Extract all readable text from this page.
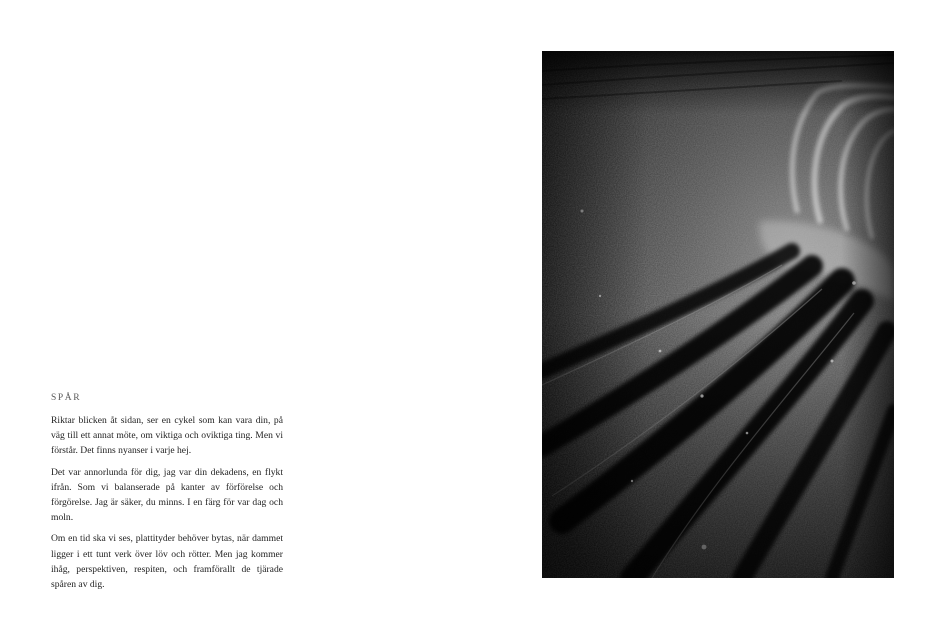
SPÅR

Riktar blicken åt sidan, ser en cykel som kan vara din, på väg till ett annat möte, om viktiga och oviktiga ting. Men vi förstår. Det finns nyanser i varje hej.

Det var annorlunda för dig, jag var din dekadens, en flykt ifrån. Som vi balanserade på kanter av förförelse och förgörelse. Jag är säker, du minns. I en färg för var dag och moln.

Om en tid ska vi ses, plattityder behöver bytas, när dammet ligger i ett tunt verk över löv och rötter. Men jag kommer ihåg, perspektiven, respiten, och framförallt de tjärade spåren av dig.
